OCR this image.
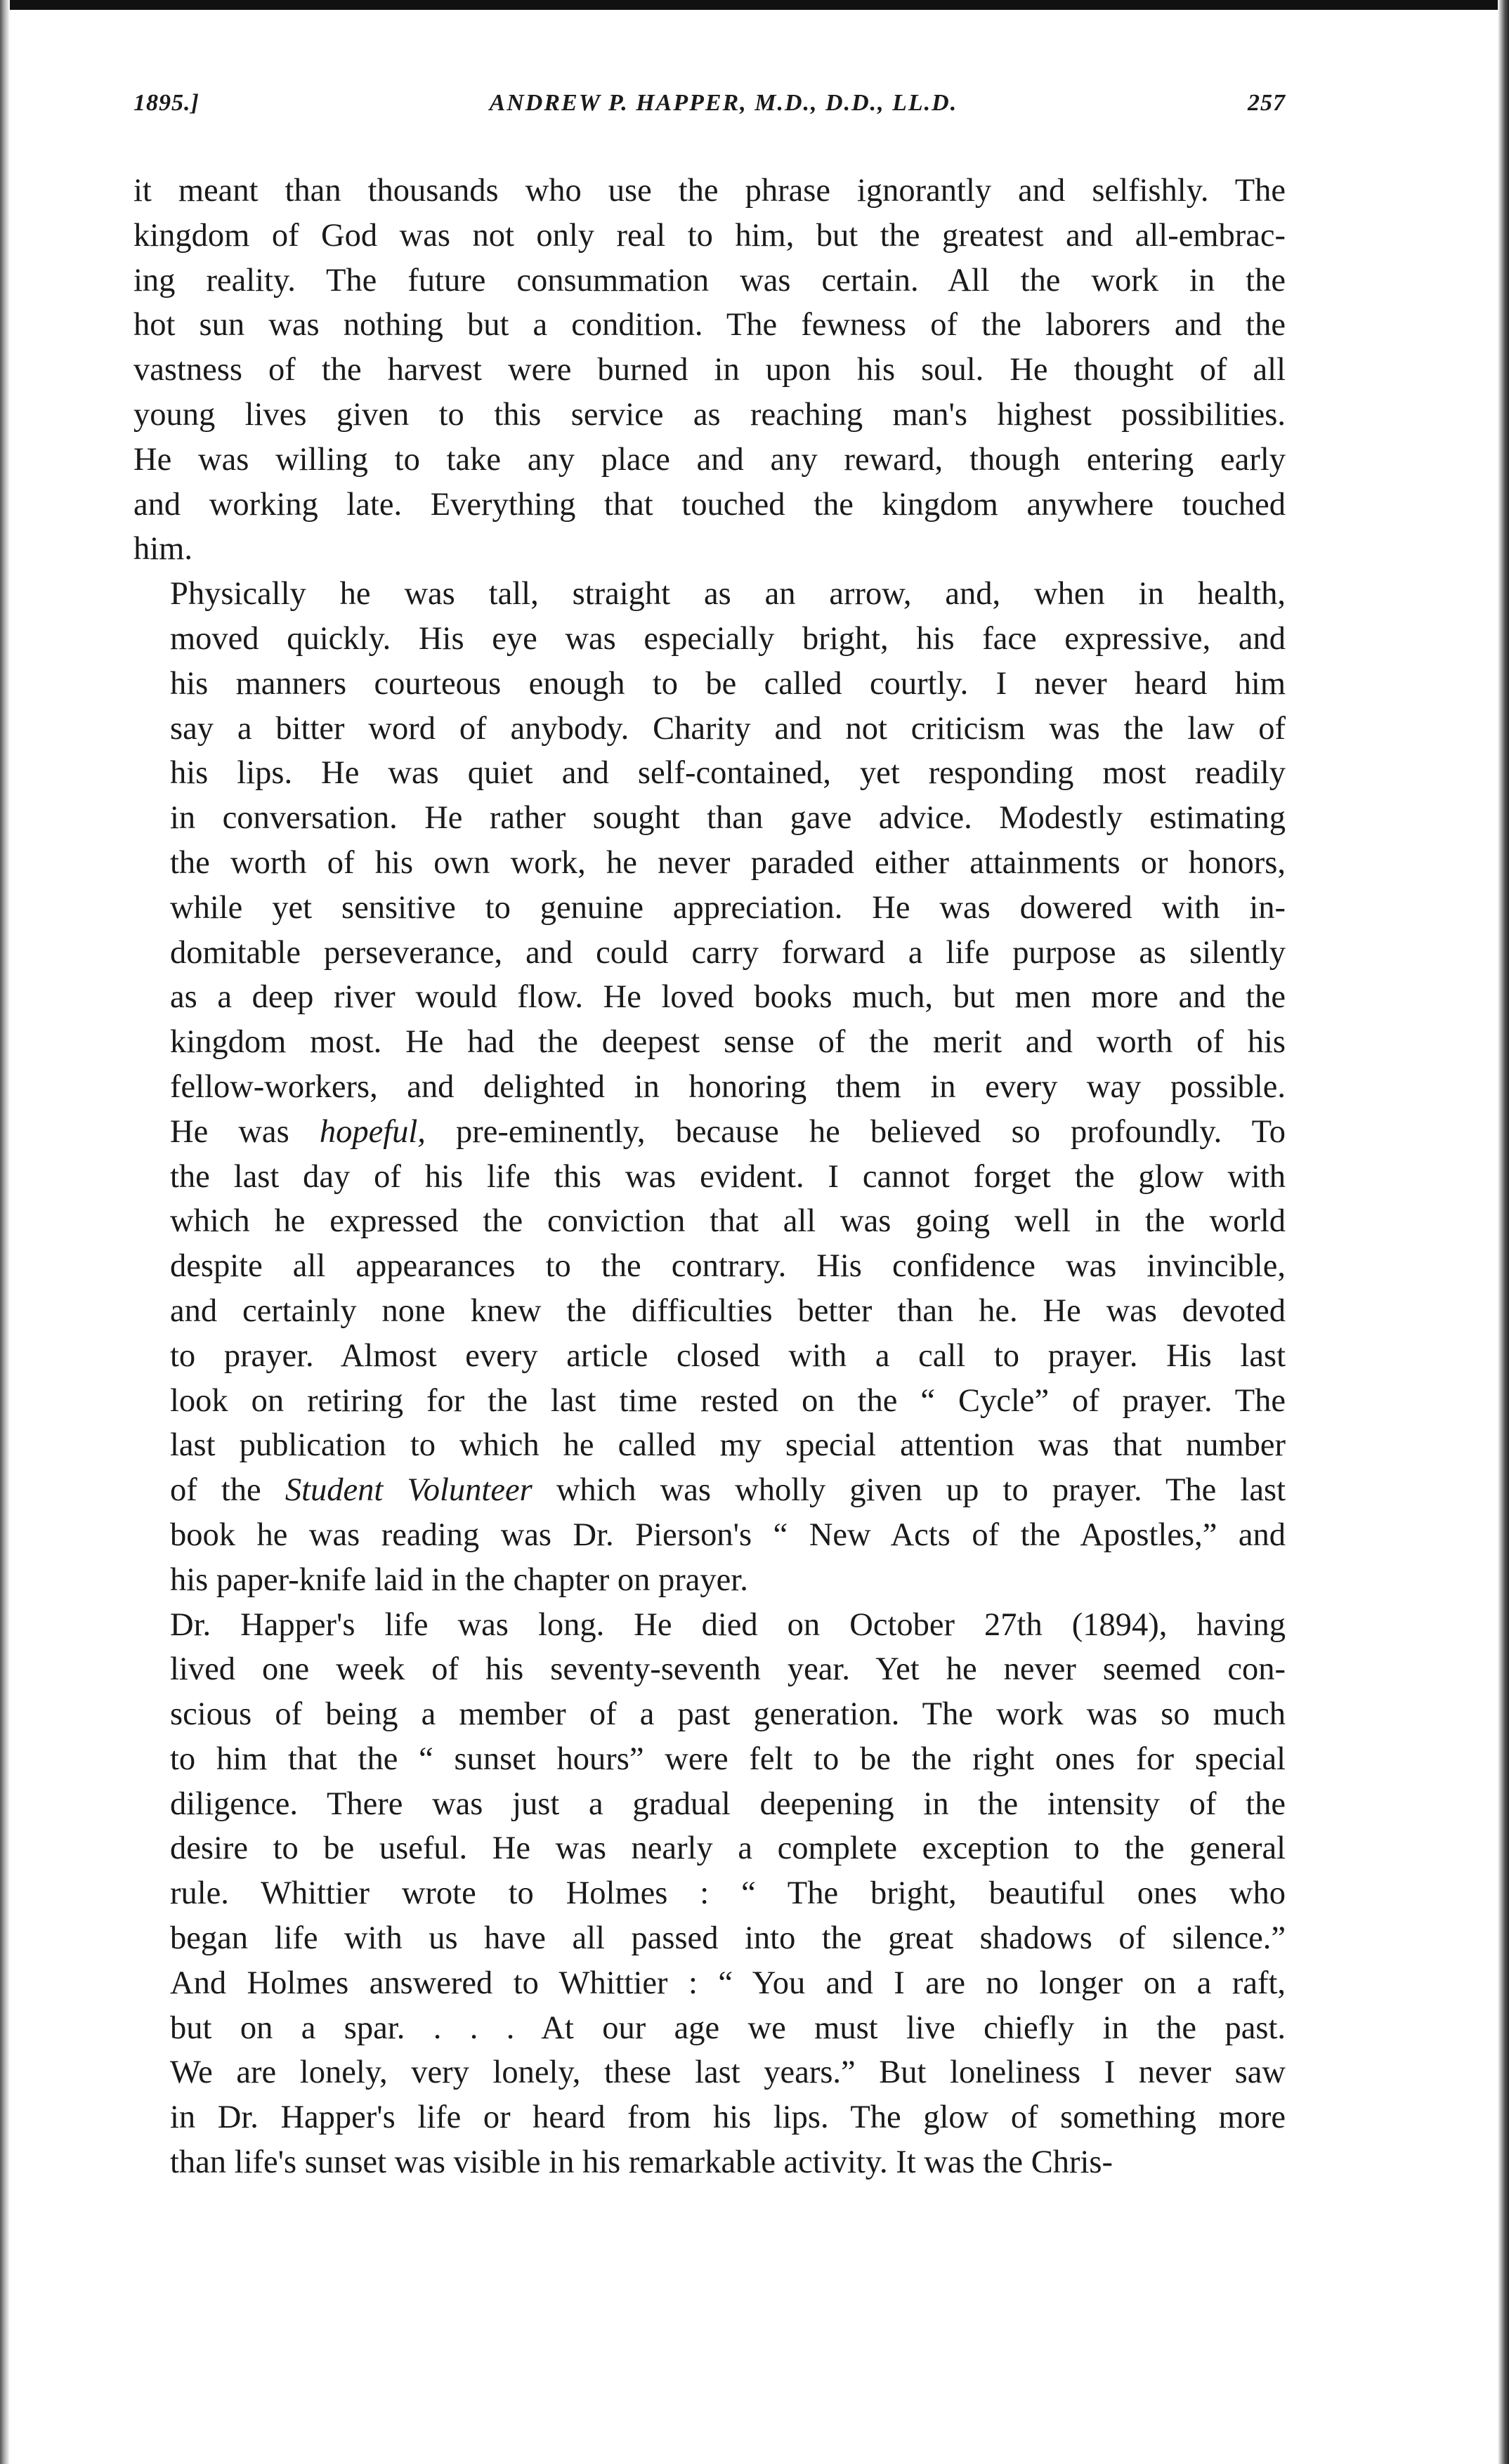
1895.]	ANDREW P. HAPPER, M.D., D.D., LL.D.	257

it meant than thousands who use the phrase ignorantly and selfishly. The
kingdom of God was not only real to him, but the greatest and all-embrac-
ing reality. The future consummation was certain. All the work in the
hot sun was nothing but a condition. The fewness of the laborers and the
vastness of the harvest were burned in upon his soul. He thought of all
young lives given to this service as reaching man's highest possibilities.
He was willing to take any place and any reward, though entering early
and working late. Everything that touched the kingdom anywhere touched
him.

Physically he was tall, straight as an arrow, and, when in health,
moved quickly. His eye was especially bright, his face expressive, and
his manners courteous enough to be called courtly. I never heard him
say a bitter word of anybody. Charity and not criticism was the law of
his lips. He was quiet and self-contained, yet responding most readily
in conversation. He rather sought than gave advice. Modestly estimating
the worth of his own work, he never paraded either attainments or honors,
while yet sensitive to genuine appreciation. He was dowered with in-
domitable perseverance, and could carry forward a life purpose as silently
as a deep river would flow. He loved books much, but men more and the
kingdom most. He had the deepest sense of the merit and worth of his
fellow-workers, and delighted in honoring them in every way possible.
He was hopeful, pre-eminently, because he believed so profoundly. To
the last day of his life this was evident. I cannot forget the glow with
which he expressed the conviction that all was going well in the world
despite all appearances to the contrary. His confidence was invincible,
and certainly none knew the difficulties better than he. He was devoted
to prayer. Almost every article closed with a call to prayer. His last
look on retiring for the last time rested on the “ Cycle” of prayer. The
last publication to which he called my special attention was that number
of the Student Volunteer which was wholly given up to prayer. The last
book he was reading was Dr. Pierson's “ New Acts of the Apostles,” and
his paper-knife laid in the chapter on prayer.

Dr. Happer's life was long. He died on October 27th (1894), having
lived one week of his seventy-seventh year. Yet he never seemed con-
scious of being a member of a past generation. The work was so much
to him that the “ sunset hours” were felt to be the right ones for special
diligence. There was just a gradual deepening in the intensity of the
desire to be useful. He was nearly a complete exception to the general
rule. Whittier wrote to Holmes : “ The bright, beautiful ones who
began life with us have all passed into the great shadows of silence.”
And Holmes answered to Whittier : “ You and I are no longer on a raft,
but on a spar. . . . At our age we must live chiefly in the past.
We are lonely, very lonely, these last years.” But loneliness I never saw
in Dr. Happer's life or heard from his lips. The glow of something more
than life's sunset was visible in his remarkable activity. It was the Chris-
